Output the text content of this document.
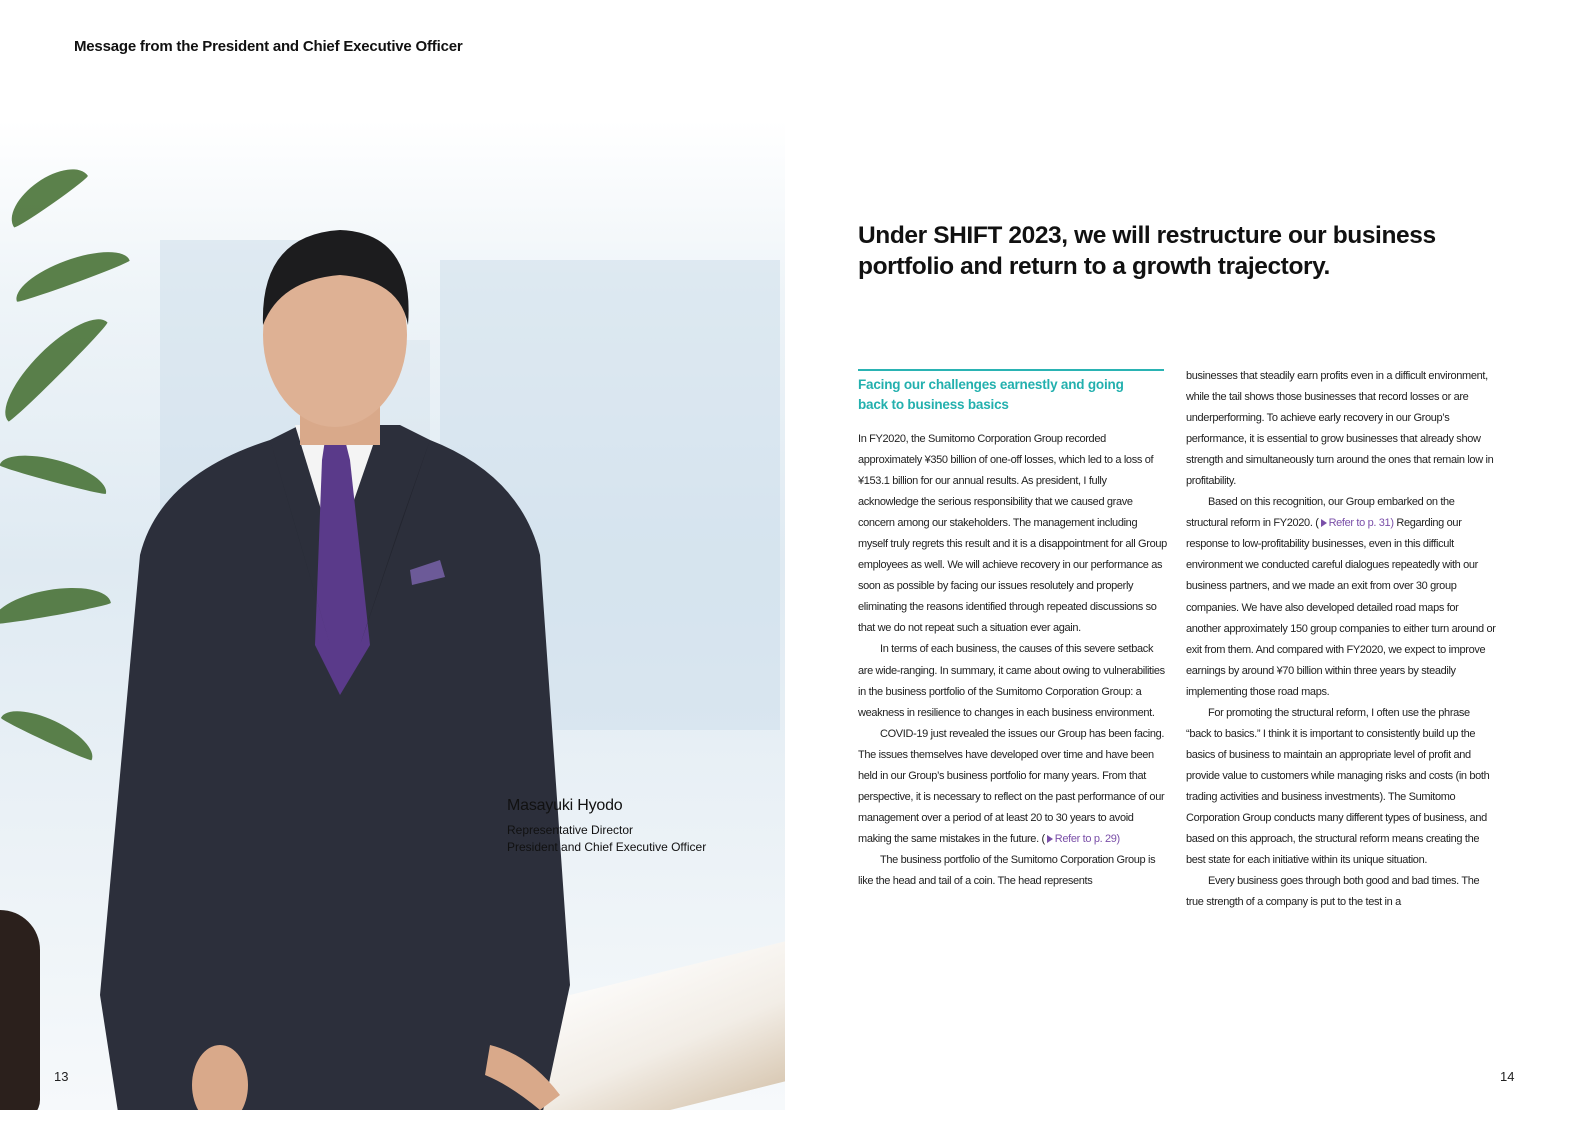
Message from the President and Chief Executive Officer
Masayuki Hyodo
Representative Director
President and Chief Executive Officer
13	14
Under SHIFT 2023, we will restructure our business
portfolio and return to a growth trajectory.
Facing our challenges earnestly and going
back to business basics

In FY2020, the Sumitomo Corporation Group recorded approximately ¥350 billion of one-off losses, which led to a loss of ¥153.1 billion for our annual results. As president, I fully acknowledge the serious responsibility that we caused grave concern among our stakeholders. The management including myself truly regrets this result and it is a disappointment for all Group employees as well. We will achieve recovery in our performance as soon as possible by facing our issues resolutely and properly eliminating the reasons identified through repeated discussions so that we do not repeat such a situation ever again.

In terms of each business, the causes of this severe setback are wide-ranging. In summary, it came about owing to vulnerabilities in the business portfolio of the Sumitomo Corporation Group: a weakness in resilience to changes in each business environment.

COVID-19 just revealed the issues our Group has been facing. The issues themselves have developed over time and have been held in our Group’s business portfolio for many years. From that perspective, it is necessary to reflect on the past performance of our management over a period of at least 20 to 30 years to avoid making the same mistakes in the future. ( Refer to p. 29)

The business portfolio of the Sumitomo Corporation Group is like the head and tail of a coin. The head represents

businesses that steadily earn profits even in a difficult environment, while the tail shows those businesses that record losses or are underperforming. To achieve early recovery in our Group’s performance, it is essential to grow businesses that already show strength and simultaneously turn around the ones that remain low in profitability.

Based on this recognition, our Group embarked on the structural reform in FY2020. ( Refer to p. 31) Regarding our response to low-profitability businesses, even in this difficult environment we conducted careful dialogues repeatedly with our business partners, and we made an exit from over 30 group companies. We have also developed detailed road maps for another approximately 150 group companies to either turn around or exit from them. And compared with FY2020, we expect to improve earnings by around ¥70 billion within three years by steadily implementing those road maps.

For promoting the structural reform, I often use the phrase “back to basics.” I think it is important to consistently build up the basics of business to maintain an appropriate level of profit and provide value to customers while managing risks and costs (in both trading activities and business investments). The Sumitomo Corporation Group conducts many different types of business, and based on this approach, the structural reform means creating the best state for each initiative within its unique situation.

Every business goes through both good and bad times. The true strength of a company is put to the test in a
